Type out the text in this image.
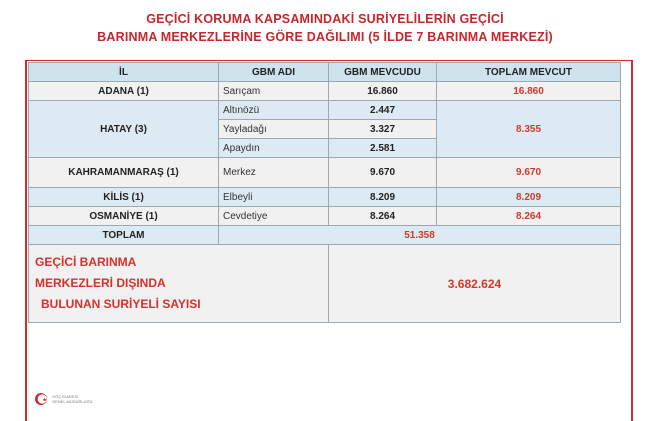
GEÇİCİ KORUMA KAPSAMINDAKİ SURİYELİLERİN GEÇİCİ
BARINMA MERKEZLERİNE GÖRE DAĞILIMI (5 İLDE 7 BARINMA MERKEZİ)
İL	GBM ADI	GBM MEVCUDU	TOPLAM MEVCUT
ADANA (1)	Sarıçam	16.860	16.860
HATAY (3)	Altınözü	2.447	8.355
	Yayladağı	3.327	
	Apaydın	2.581	
KAHRAMANMARAŞ (1)	Merkez	9.670	9.670
KİLİS (1)	Elbeyli	8.209	8.209
OSMANİYE (1)	Cevdetiye	8.264	8.264
TOPLAM	51.358		

GEÇİCİ BARINMA
MERKEZLERİ DIŞINDA
BULUNAN SURİYELİ SAYISI		3.682.624	
GÖÇ İDARESİ
GENEL MÜDÜRLÜĞÜ
